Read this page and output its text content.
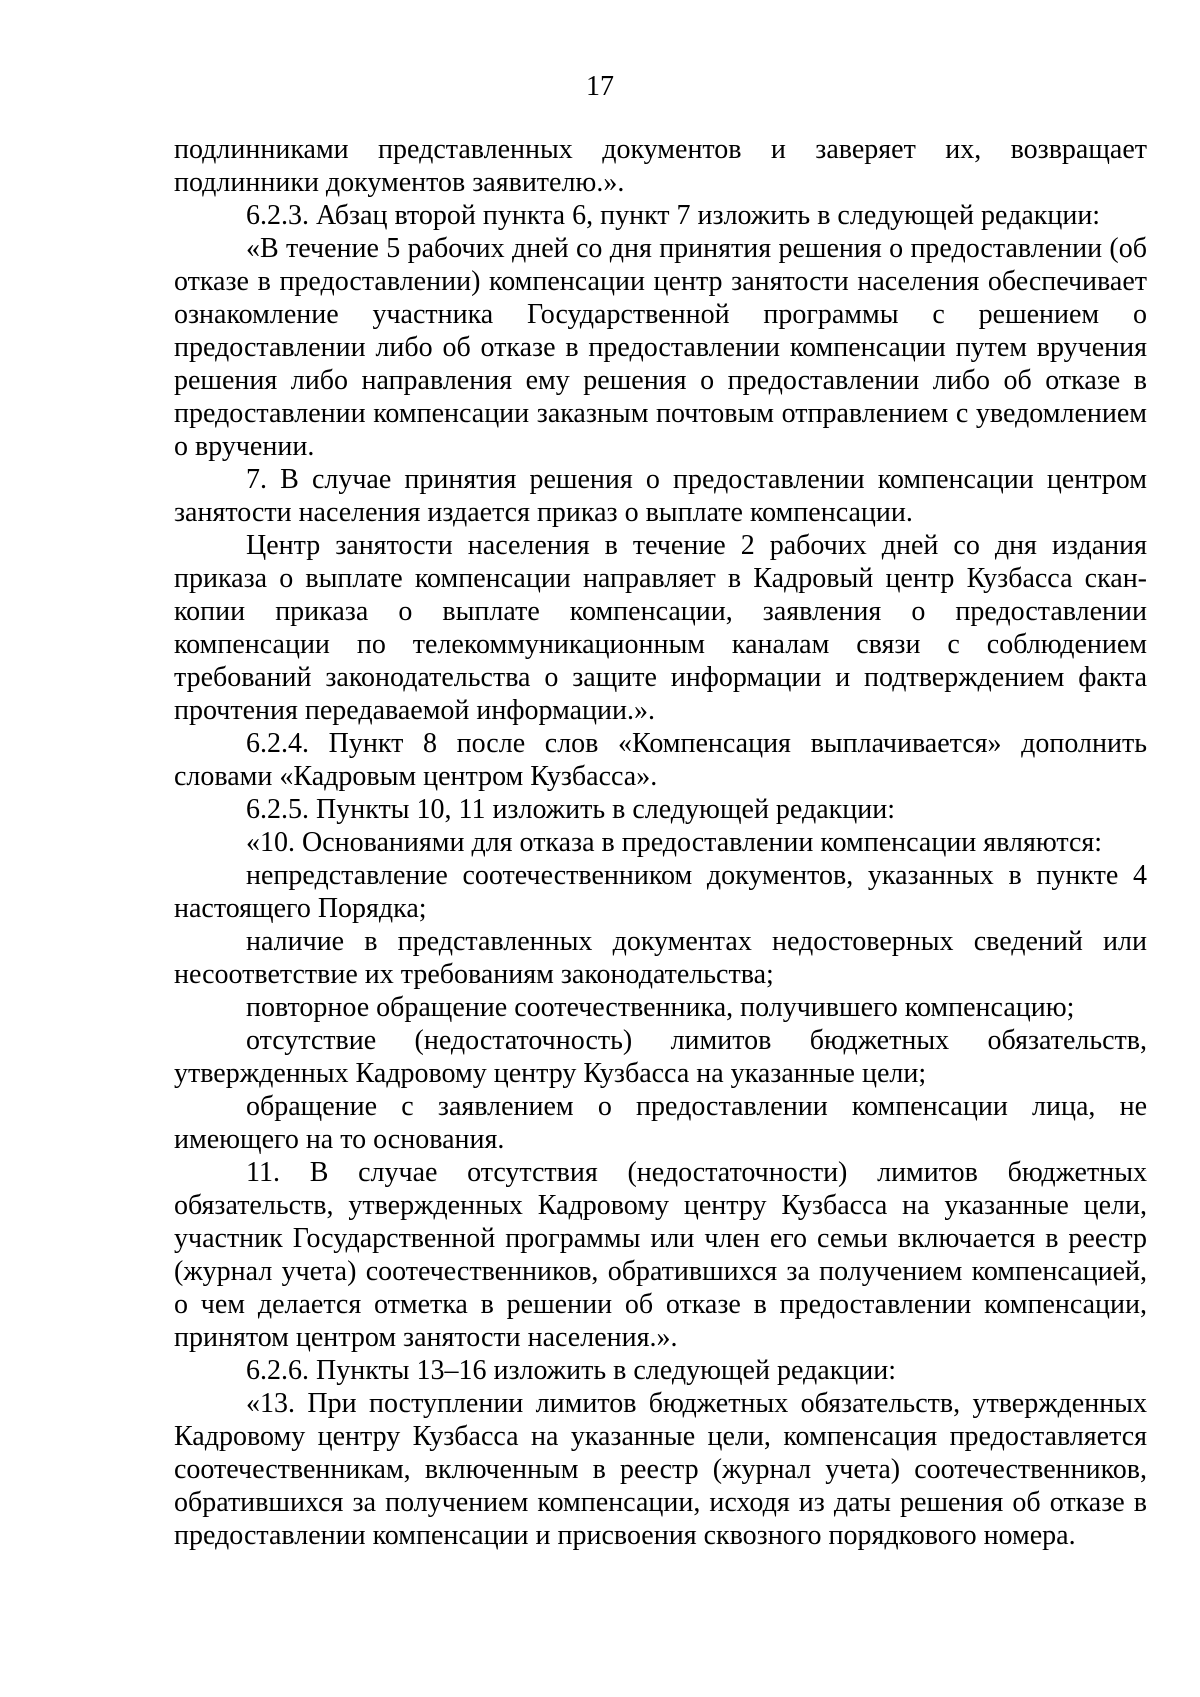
17

подлинниками представленных документов и заверяет их, возвращает подлинники документов заявителю.».

6.2.3. Абзац второй пункта 6, пункт 7 изложить в следующей редакции:

«В течение 5 рабочих дней со дня принятия решения о предоставлении (об отказе в предоставлении) компенсации центр занятости населения обеспечивает ознакомление участника Государственной программы с решением о предоставлении либо об отказе в предоставлении компенсации путем вручения решения либо направления ему решения о предоставлении либо об отказе в предоставлении компенсации заказным почтовым отправлением с уведомлением о вручении.

7. В случае принятия решения о предоставлении компенсации центром занятости населения издается приказ о выплате компенсации.

Центр занятости населения в течение 2 рабочих дней со дня издания приказа о выплате компенсации направляет в Кадровый центр Кузбасса скан-копии приказа о выплате компенсации, заявления о предоставлении компенсации по телекоммуникационным каналам связи с соблюдением требований законодательства о защите информации и подтверждением факта прочтения передаваемой информации.».

6.2.4. Пункт 8 после слов «Компенсация выплачивается» дополнить словами «Кадровым центром Кузбасса».

6.2.5. Пункты 10, 11 изложить в следующей редакции:

«10. Основаниями для отказа в предоставлении компенсации являются:

непредставление соотечественником документов, указанных в пункте 4 настоящего Порядка;

наличие в представленных документах недостоверных сведений или несоответствие их требованиям законодательства;

повторное обращение соотечественника, получившего компенсацию;

отсутствие (недостаточность) лимитов бюджетных обязательств, утвержденных Кадровому центру Кузбасса на указанные цели;

обращение с заявлением о предоставлении компенсации лица, не имеющего на то основания.

11. В случае отсутствия (недостаточности) лимитов бюджетных обязательств, утвержденных Кадровому центру Кузбасса на указанные цели, участник Государственной программы или член его семьи включается в реестр (журнал учета) соотечественников, обратившихся за получением компенсацией, о чем делается отметка в решении об отказе в предоставлении компенсации, принятом центром занятости населения.».

6.2.6. Пункты 13–16 изложить в следующей редакции:

«13. При поступлении лимитов бюджетных обязательств, утвержденных Кадровому центру Кузбасса на указанные цели, компенсация предоставляется соотечественникам, включенным в реестр (журнал учета) соотечественников, обратившихся за получением компенсации, исходя из даты решения об отказе в предоставлении компенсации и присвоения сквозного порядкового номера.
